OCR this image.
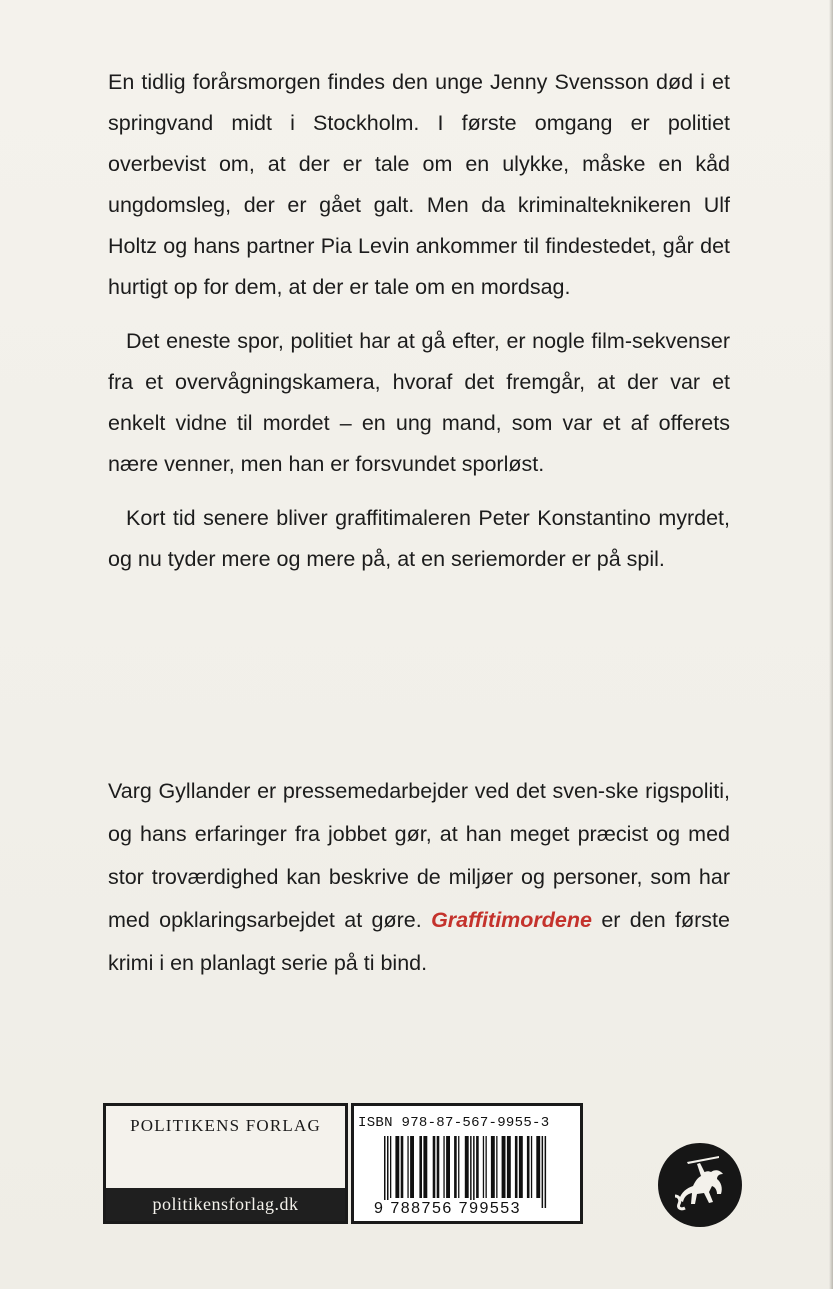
En tidlig forårsmorgen findes den unge Jenny Svensson død i et springvand midt i Stockholm. I første omgang er politiet overbevist om, at der er tale om en ulykke, måske en kåd ungdomsleg, der er gået galt. Men da kriminalteknikeren Ulf Holtz og hans partner Pia Levin ankommer til findestedet, går det hurtigt op for dem, at der er tale om en mordsag.

Det eneste spor, politiet har at gå efter, er nogle film-sekvenser fra et overvågningskamera, hvoraf det fremgår, at der var et enkelt vidne til mordet – en ung mand, som var et af offerets nære venner, men han er forsvundet sporløst.

Kort tid senere bliver graffitimaleren Peter Konstantino myrdet, og nu tyder mere og mere på, at en seriemorder er på spil.

Varg Gyllander er pressemedarbejder ved det sven-ske rigspoliti, og hans erfaringer fra jobbet gør, at han meget præcist og med stor troværdighed kan beskrive de miljøer og personer, som har med opklaringsarbejdet at gøre. Graffitimordene er den første krimi i en planlagt serie på ti bind.

POLITIKENS FORLAG
politikensforlag.dk
ISBN 978-87-567-9955-3
9 788756 799553
